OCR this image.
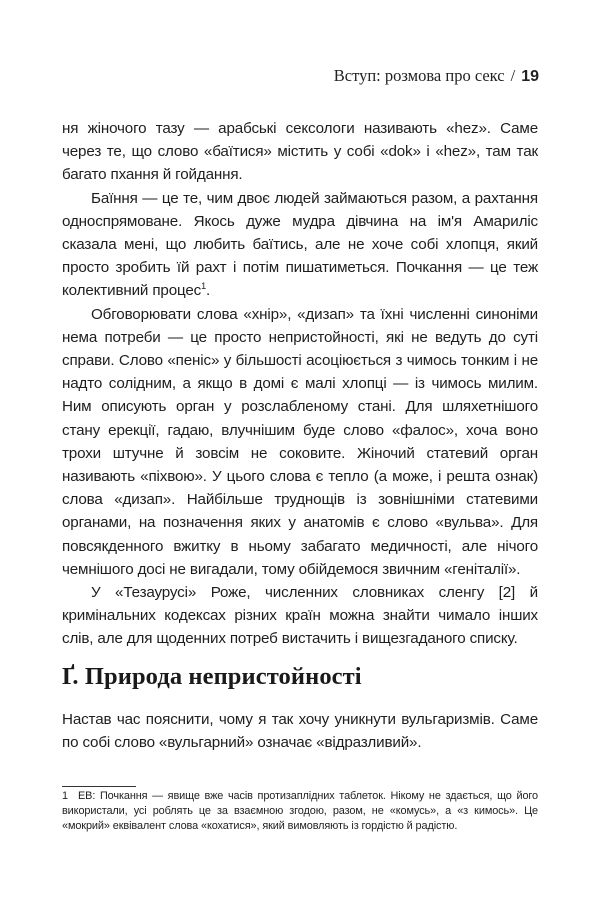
Вступ: розмова про секс / 19

ня жіночого тазу — арабські сексологи називають «hez». Саме через те, що слово «баїтися» містить у собі «dok» і «hez», там так багато пхання й гойдання.

Баїння — це те, чим двоє людей займаються разом, а рахтання односпрямоване. Якось дуже мудра дівчина на ім'я Амариліс сказала мені, що любить баїтись, але не хоче собі хлопця, який просто зробить їй рахт і потім пишатиметься. Почкання — це теж колективний процес$^1$.

Обговорювати слова «хнір», «дизап» та їхні численні синоніми нема потреби — це просто непристойності, які не ведуть до суті справи. Слово «пеніс» у більшості асоціюється з чимось тонким і не надто солідним, а якщо в домі є малі хлопці — із чимось милим. Ним описують орган у розслабленому стані. Для шляхетнішого стану ерекції, гадаю, влучнішим буде слово «фалос», хоча воно трохи штучне й зовсім не соковите. Жіночий статевий орган називають «піхвою». У цього слова є тепло (а може, і решта ознак) слова «дизап». Найбільше труднощів із зовнішніми статевими органами, на позначення яких у анатомів є слово «вульва». Для повсякденного вжитку в ньому забагато медичності, але нічого чемнішого досі не вигадали, тому обійдемося звичним «геніталії».

У «Тезаурусі» Роже, численних словниках сленгу [2] й кримінальних кодексах різних країн можна знайти чимало інших слів, але для щоденних потреб вистачить і вищезгаданого списку.

Ґ. Природа непристойності

Настав час пояснити, чому я так хочу уникнути вульгаризмів. Саме по собі слово «вульгарний» означає «відразливий».

1 ЕВ: Почкання — явище вже часів протизаплідних таблеток. Нікому не здається, що його використали, усі роблять це за взаємною згодою, разом, не «комусь», а «з кимось». Це «мокрий» еквівалент слова «кохатися», який вимовляють із гордістю й радістю.
